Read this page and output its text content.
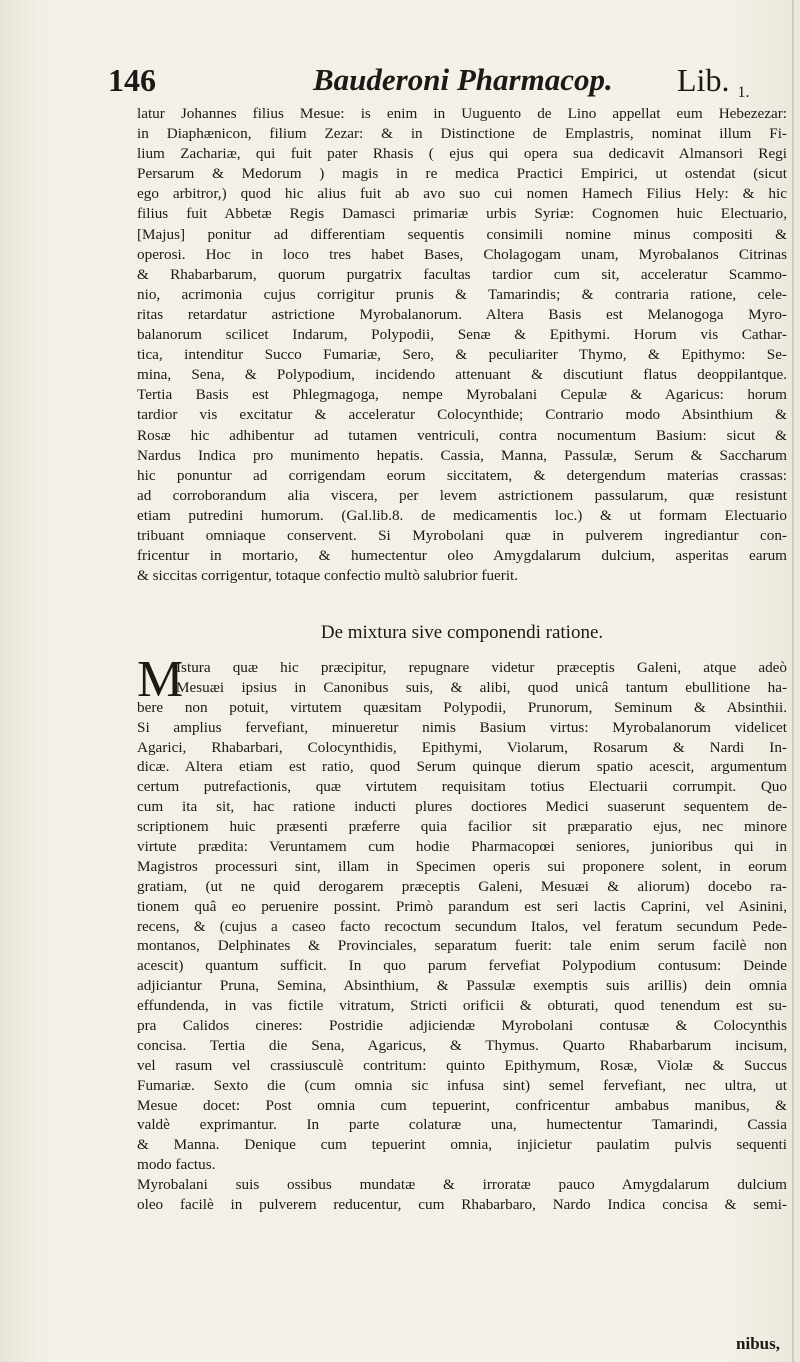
146	Bauderoni Pharmacop. Lib. $_{1.}$
latur Johannes filius Mesue: is enim in Uuguento de Lino appellat eum Hebezezar:
in Diaphænicon, filium Zezar: & in Distinctione de Emplastris, nominat illum Fi-
lium Zachariæ, qui fuit pater Rhasis ( ejus qui opera sua dedicavit Almansori Regi
Persarum & Medorum ) magis in re medica Practici Empirici, ut ostendat (sicut
ego arbitror,) quod hic alius fuit ab avo suo cui nomen Hamech Filius Hely: & hic
filius fuit Abbetæ Regis Damasci primariæ urbis Syriæ: Cognomen huic Electuario,
[Majus] ponitur ad differentiam sequentis consimili nomine minus compositi &
operosi. Hoc in loco tres habet Bases, Cholagogam unam, Myrobalanos Citrinas
& Rhabarbarum, quorum purgatrix facultas tardior cum sit, acceleratur Scammo-
nio, acrimonia cujus corrigitur prunis & Tamarindis; & contraria ratione, cele-
ritas retardatur astrictione Myrobalanorum. Altera Basis est Melanogoga Myro-
balanorum scilicet Indarum, Polypodii, Senæ & Epithymi. Horum vis Cathar-
tica, intenditur Succo Fumariæ, Sero, & peculiariter Thymo, & Epithymo: Se-
mina, Sena, & Polypodium, incidendo attenuant & discutiunt flatus deoppilantque.
Tertia Basis est Phlegmagoga, nempe Myrobalani Cepulæ & Agaricus: horum
tardior vis excitatur & acceleratur Colocynthide; Contrario modo Absinthium &
Rosæ hic adhibentur ad tutamen ventriculi, contra nocumentum Basium: sicut &
Nardus Indica pro munimento hepatis. Cassia, Manna, Passulæ, Serum & Saccharum
hic ponuntur ad corrigendam eorum siccitatem, & detergendum materias crassas:
ad corroborandum alia viscera, per levem astrictionem passularum, quæ resistunt
etiam putredini humorum. (Gal.lib.8. de medicamentis loc.) & ut formam Electuario
tribuant omniaque conservent. Si Myrobolani quæ in pulverem ingrediantur con-
fricentur in mortario, & humectentur oleo Amygdalarum dulcium, asperitas earum
& siccitas corrigentur, totaque confectio multò salubrior fuerit.
De mixtura sive componendi ratione.
M
Istura quæ hic præcipitur, repugnare videtur præceptis Galeni, atque adeò
Mesuæi ipsius in Canonibus suis, & alibi, quod unicâ tantum ebullitione ha-
bere non potuit, virtutem quæsitam Polypodii, Prunorum, Seminum & Absinthii.
Si amplius fervefiant, minueretur nimis Basium virtus: Myrobalanorum videlicet
Agarici, Rhabarbari, Colocynthidis, Epithymi, Violarum, Rosarum & Nardi In-
dicæ. Altera etiam est ratio, quod Serum quinque dierum spatio acescit, argumentum
certum putrefactionis, quæ virtutem requisitam totius Electuarii corrumpit. Quo
cum ita sit, hac ratione inducti plures doctiores Medici suaserunt sequentem de-
scriptionem huic præsenti præferre quia facilior sit præparatio ejus, nec minore
virtute prædita: Veruntamem cum hodie Pharmacopœi seniores, junioribus qui in
Magistros processuri sint, illam in Specimen operis sui proponere solent, in eorum
gratiam, (ut ne quid derogarem præceptis Galeni, Mesuæi & aliorum) docebo ra-
tionem quâ eo peruenire possint. Primò parandum est seri lactis Caprini, vel Asinini,
recens, & (cujus a caseo facto recoctum secundum Italos, vel feratum secundum Pede-
montanos, Delphinates & Provinciales, separatum fuerit: tale enim serum facilè non
acescit) quantum sufficit. In quo parum fervefiat Polypodium contusum: Deinde
adjiciantur Pruna, Semina, Absinthium, & Passulæ exemptis suis arillis) dein omnia
effundenda, in vas fictile vitratum, Stricti orificii & obturati, quod tenendum est su-
pra Calidos cineres: Postridie adjiciendæ Myrobolani contusæ & Colocynthis
concisa. Tertia die Sena, Agaricus, & Thymus. Quarto Rhabarbarum incisum,
vel rasum vel crassiusculè contritum: quinto Epithymum, Rosæ, Violæ & Succus
Fumariæ. Sexto die (cum omnia sic infusa sint) semel fervefiant, nec ultra, ut
Mesue docet: Post omnia cum tepuerint, confricentur ambabus manibus, &
valdè exprimantur. In parte colaturæ una, humectentur Tamarindi, Cassia
& Manna. Denique cum tepuerint omnia, injicietur paulatim pulvis sequenti
modo factus.
Myrobalani suis ossibus mundatæ & irroratæ pauco Amygdalarum dulcium
oleo facilè in pulverem reducentur, cum Rhabarbaro, Nardo Indica concisa & semi-
nibus,
